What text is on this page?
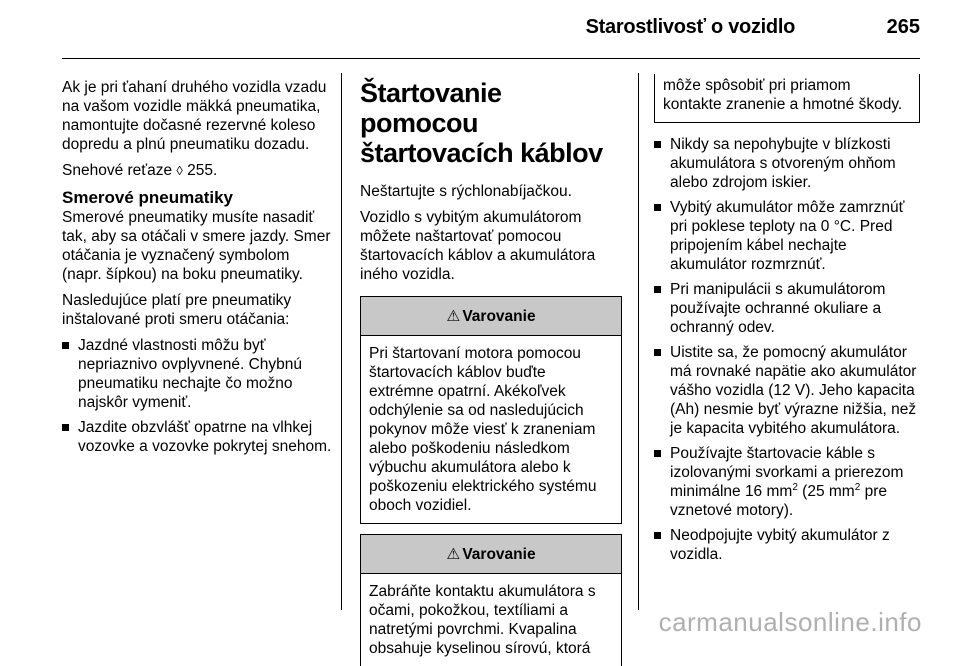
Starostlivosť o vozidlo	265

Ak je pri ťahaní druhého vozidla vzadu na vašom vozidle mäkká pneumatika, namontujte dočasné rezervné koleso dopredu a plnú pneumatiku dozadu.

Snehové reťaze ◊ 255.

Smerové pneumatiky

Smerové pneumatiky musíte nasadiť tak, aby sa otáčali v smere jazdy. Smer otáčania je vyznačený symbolom (napr. šípkou) na boku pneumatiky.

Nasledujúce platí pre pneumatiky inštalované proti smeru otáčania:

Jazdné vlastnosti môžu byť nepriaznivo ovplyvnené. Chybnú pneumatiku nechajte čo možno najskôr vymeniť.
Jazdite obzvlášť opatrne na vlhkej vozovke a vozovke pokrytej snehom.
Štartovanie pomocou štartovacích káblov

Neštartujte s rýchlonabíjačkou.

Vozidlo s vybitým akumulátorom môžete naštartovať pomocou štartovacích káblov a akumulátora iného vozidla.

⚠ Varovanie
Pri štartovaní motora pomocou štartovacích káblov buďte extrémne opatrní. Akékoľvek odchýlenie sa od nasledujúcich pokynov môže viesť k zraneniam alebo poškodeniu následkom výbuchu akumulátora alebo k poškozeniu elektrického systému oboch vozidiel.
⚠ Varovanie
Zabráňte kontaktu akumulátora s očami, pokožkou, textíliami a natretými povrchmi. Kvapalina obsahuje kyselinou sírovú, ktorá
môže spôsobiť pri priamom kontakte zranenie a hmotné škody.
Nikdy sa nepohybujte v blízkosti akumulátora s otvoreným ohňom alebo zdrojom iskier.
Vybitý akumulátor môže zamrznúť pri poklese teploty na 0 °C. Pred pripojením kábel nechajte akumulátor rozmrznúť.
Pri manipulácii s akumulátorom používajte ochranné okuliare a ochranný odev.
Uistite sa, že pomocný akumulátor má rovnaké napätie ako akumulátor vášho vozidla (12 V). Jeho kapacita (Ah) nesmie byť výrazne nižšia, než je kapacita vybitého akumulátora.
Používajte štartovacie káble s izolovanými svorkami a prierezom minimálne 16 $mm^2$ (25 $mm^2$ pre vznetové motory).
Neodpojujte vybitý akumulátor z vozidla.
carmanualsonline.info
